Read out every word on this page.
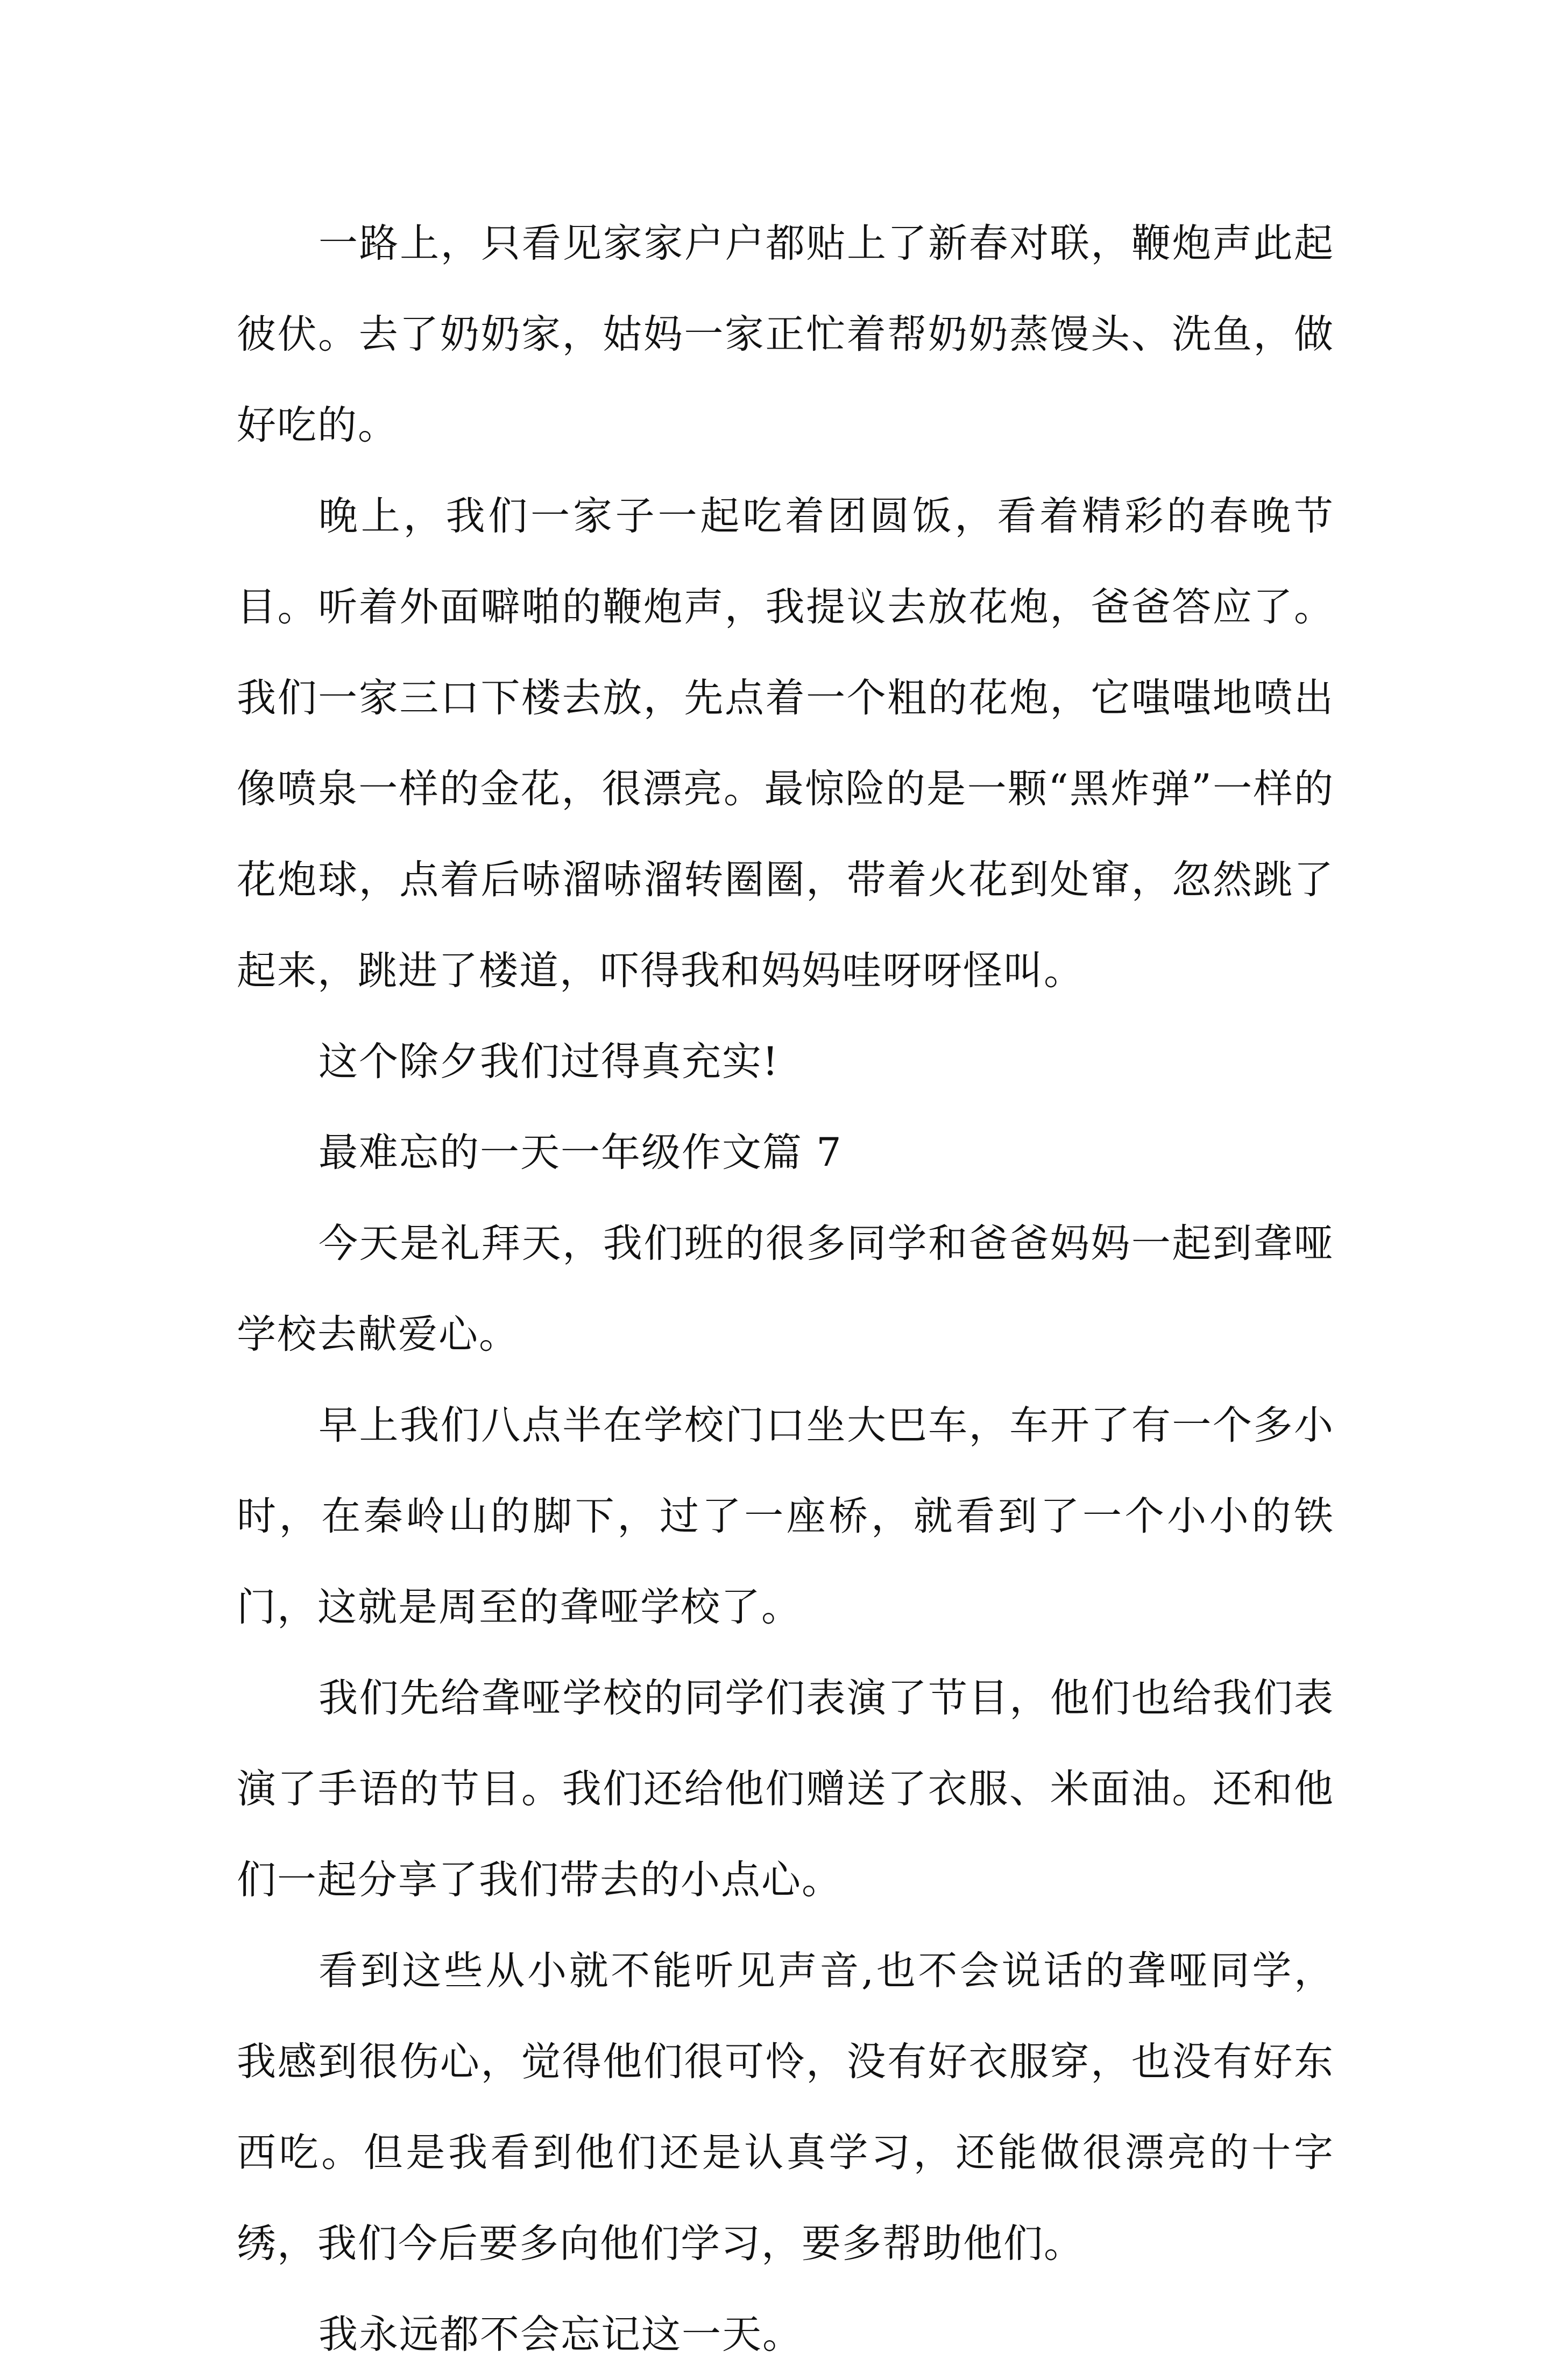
一路上，只看见家家户户都贴上了新春对联，鞭炮声此起彼伏。去了奶奶家，姑妈一家正忙着帮奶奶蒸馒头、洗鱼，做好吃的。

晚上，我们一家子一起吃着团圆饭，看着精彩的春晚节目。听着外面噼啪的鞭炮声，我提议去放花炮，爸爸答应了。我们一家三口下楼去放，先点着一个粗的花炮，它嗤嗤地喷出像喷泉一样的金花，很漂亮。最惊险的是一颗“黑炸弹”一样的花炮球，点着后哧溜哧溜转圈圈，带着火花到处窜，忽然跳了起来，跳进了楼道，吓得我和妈妈哇呀呀怪叫。

这个除夕我们过得真充实!

最难忘的一天一年级作文篇 7

今天是礼拜天，我们班的很多同学和爸爸妈妈一起到聋哑学校去献爱心。

早上我们八点半在学校门口坐大巴车，车开了有一个多小时，在秦岭山的脚下，过了一座桥，就看到了一个小小的铁门，这就是周至的聋哑学校了。

我们先给聋哑学校的同学们表演了节目，他们也给我们表演了手语的节目。我们还给他们赠送了衣服、米面油。还和他们一起分享了我们带去的小点心。

看到这些从小就不能听见声音,也不会说话的聋哑同学，我感到很伤心，觉得他们很可怜，没有好衣服穿，也没有好东西吃。但是我看到他们还是认真学习，还能做很漂亮的十字绣，我们今后要多向他们学习，要多帮助他们。

我永远都不会忘记这一天。
